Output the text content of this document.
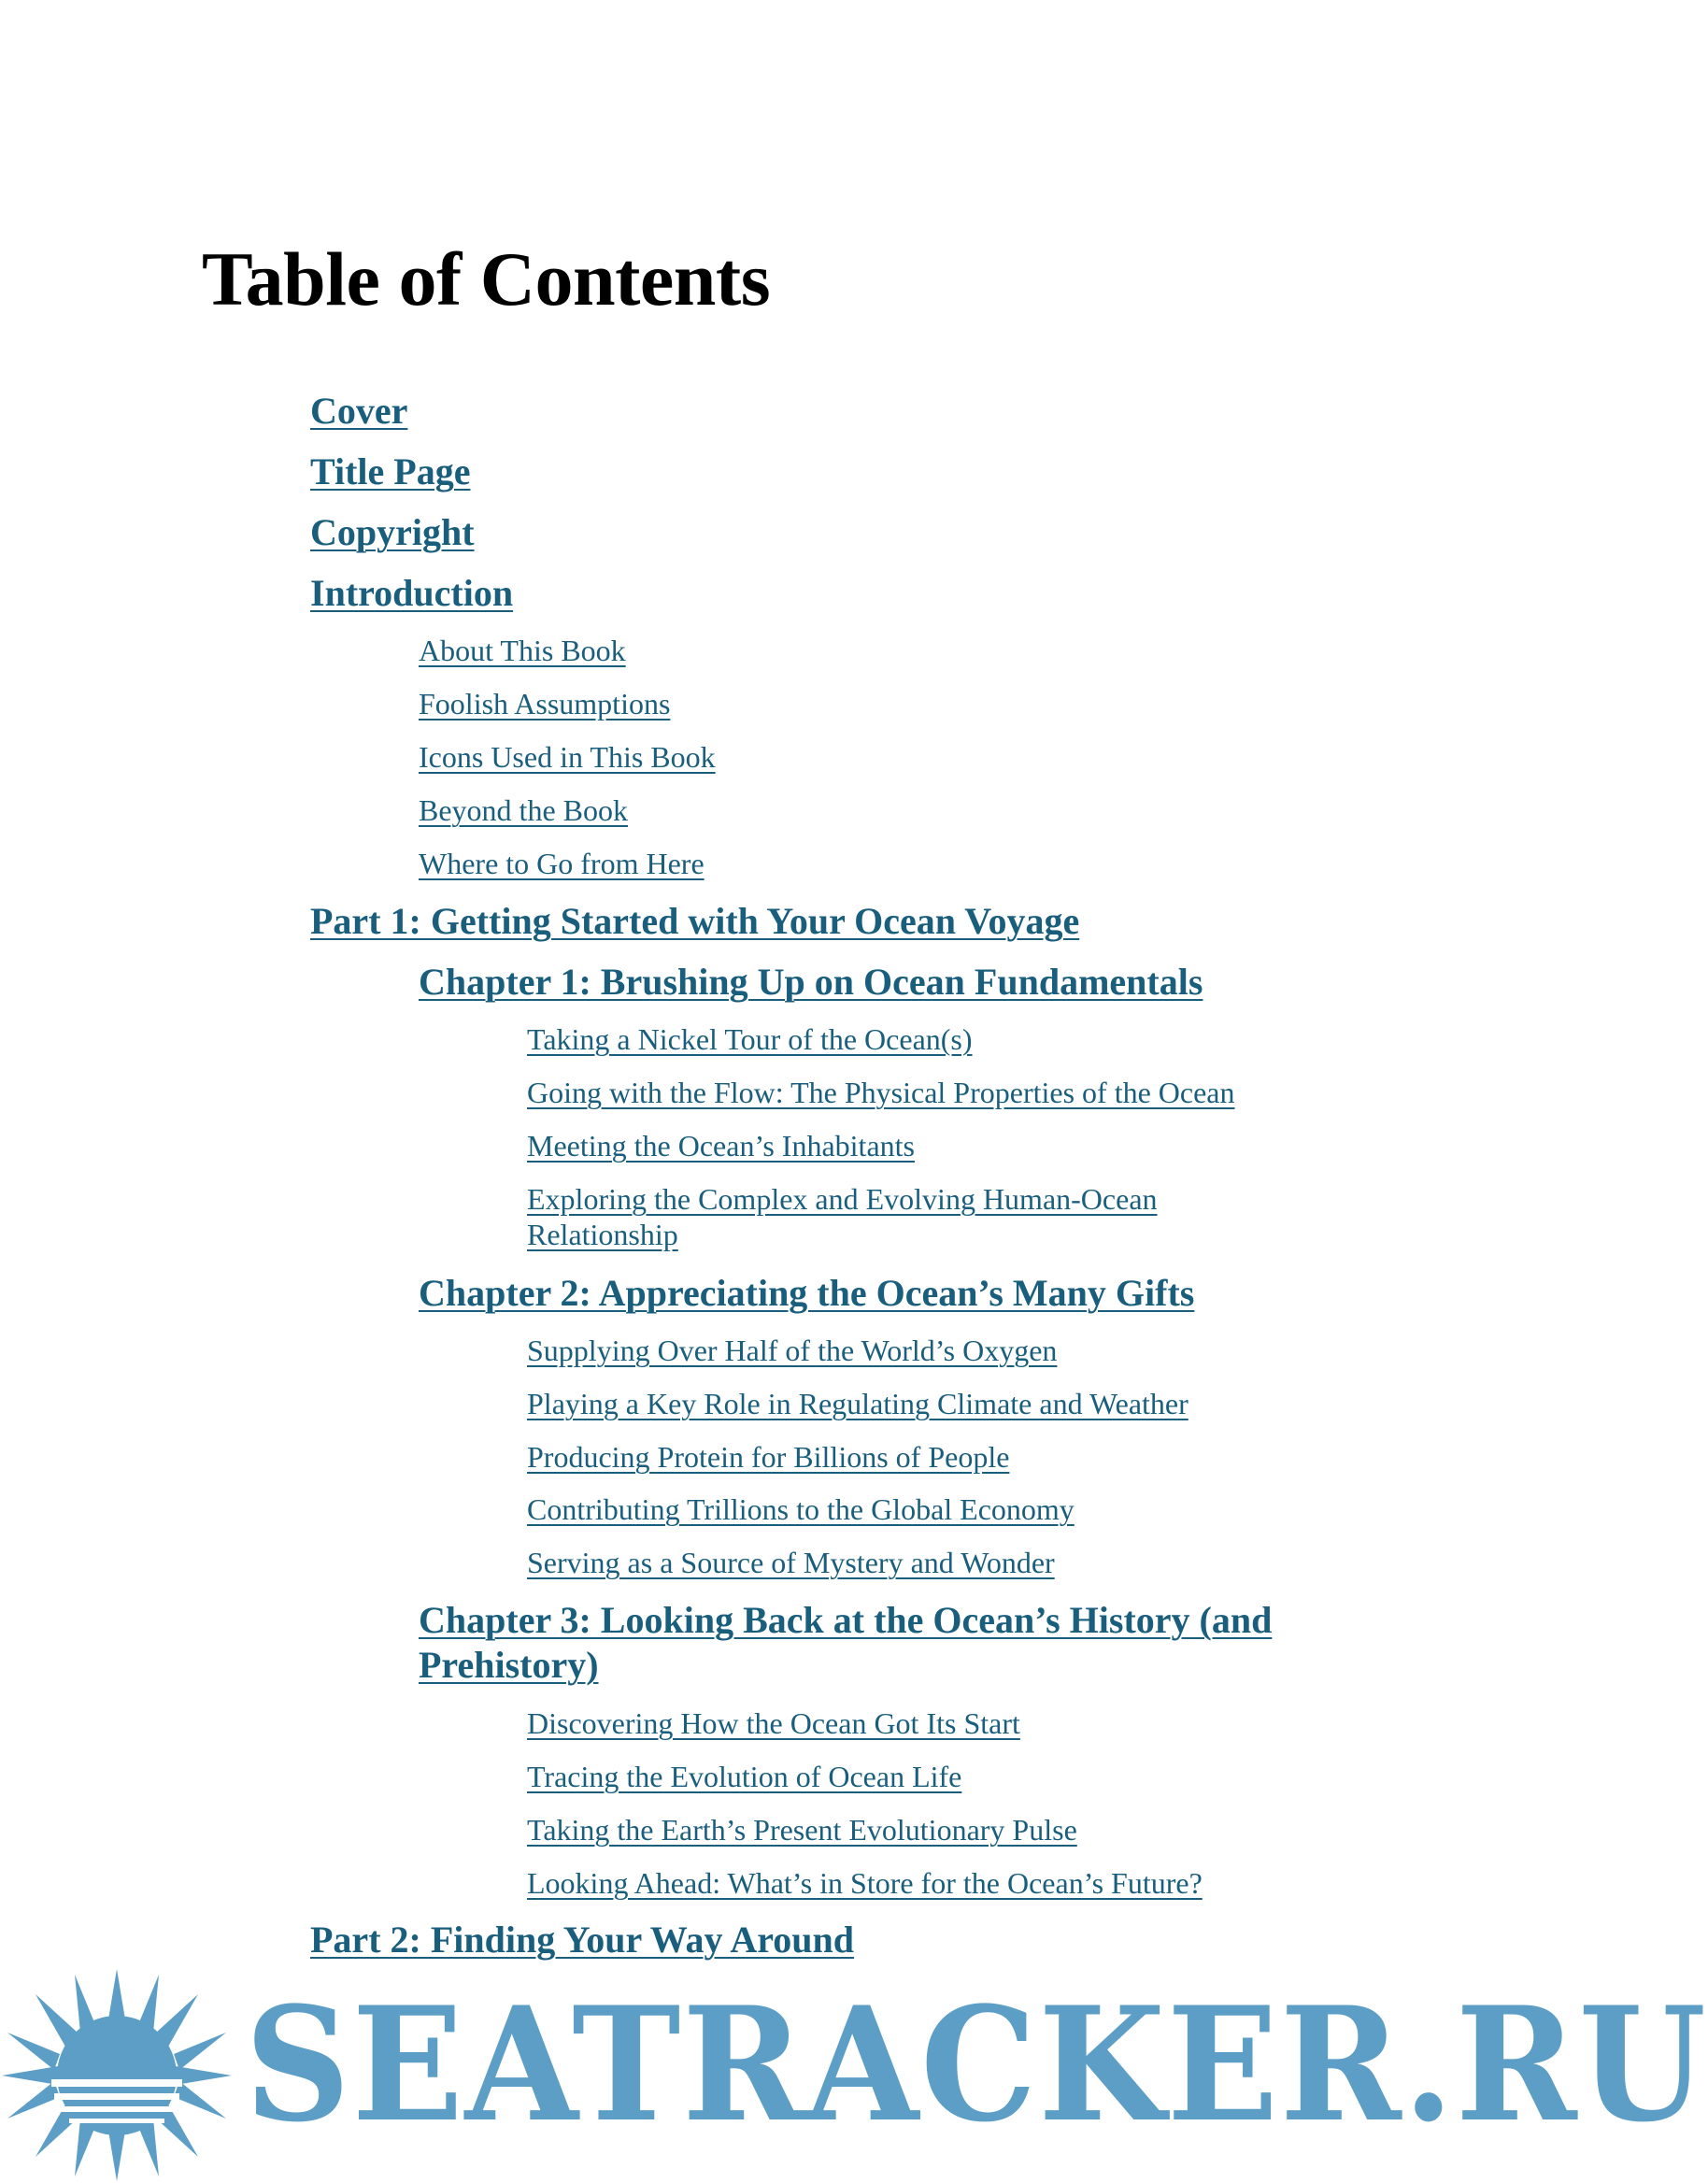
Table of Contents
Cover
Title Page
Copyright
Introduction
About This Book
Foolish Assumptions
Icons Used in This Book
Beyond the Book
Where to Go from Here
Part 1: Getting Started with Your Ocean Voyage
Chapter 1: Brushing Up on Ocean Fundamentals
Taking a Nickel Tour of the Ocean(s)
Going with the Flow: The Physical Properties of the Ocean
Meeting the Ocean’s Inhabitants
Exploring the Complex and Evolving Human-Ocean Relationship
Chapter 2: Appreciating the Ocean’s Many Gifts
Supplying Over Half of the World’s Oxygen
Playing a Key Role in Regulating Climate and Weather
Producing Protein for Billions of People
Contributing Trillions to the Global Economy
Serving as a Source of Mystery and Wonder
Chapter 3: Looking Back at the Ocean’s History (and Prehistory)
Discovering How the Ocean Got Its Start
Tracing the Evolution of Ocean Life
Taking the Earth’s Present Evolutionary Pulse
Looking Ahead: What’s in Store for the Ocean’s Future?
Part 2: Finding Your Way Around
SEATRACKER.RU
